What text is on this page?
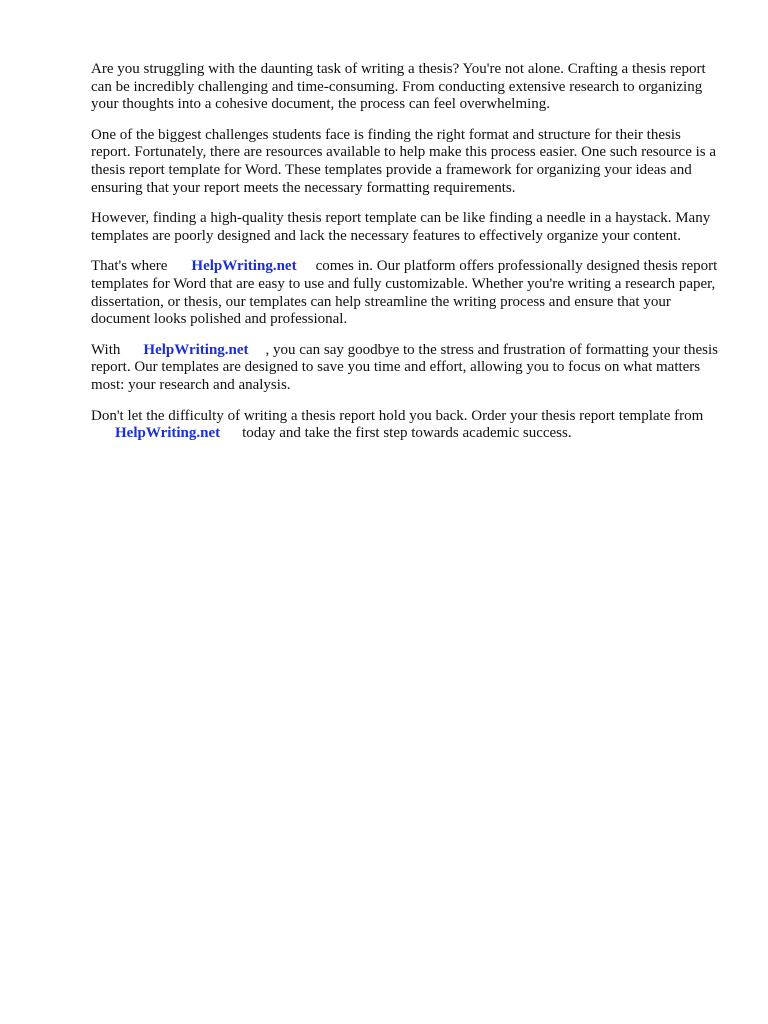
Are you struggling with the daunting task of writing a thesis? You're not alone. Crafting a thesis report can be incredibly challenging and time-consuming. From conducting extensive research to organizing your thoughts into a cohesive document, the process can feel overwhelming.

One of the biggest challenges students face is finding the right format and structure for their thesis report. Fortunately, there are resources available to help make this process easier. One such resource is a thesis report template for Word. These templates provide a framework for organizing your ideas and ensuring that your report meets the necessary formatting requirements.

However, finding a high-quality thesis report template can be like finding a needle in a haystack. Many templates are poorly designed and lack the necessary features to effectively organize your content.

That's where HelpWriting.net comes in. Our platform offers professionally designed thesis report templates for Word that are easy to use and fully customizable. Whether you're writing a research paper, dissertation, or thesis, our templates can help streamline the writing process and ensure that your document looks polished and professional.

With HelpWriting.net , you can say goodbye to the stress and frustration of formatting your thesis report. Our templates are designed to save you time and effort, allowing you to focus on what matters most: your research and analysis.

Don't let the difficulty of writing a thesis report hold you back. Order your thesis report template fromHelpWriting.net today and take the first step towards academic success.
